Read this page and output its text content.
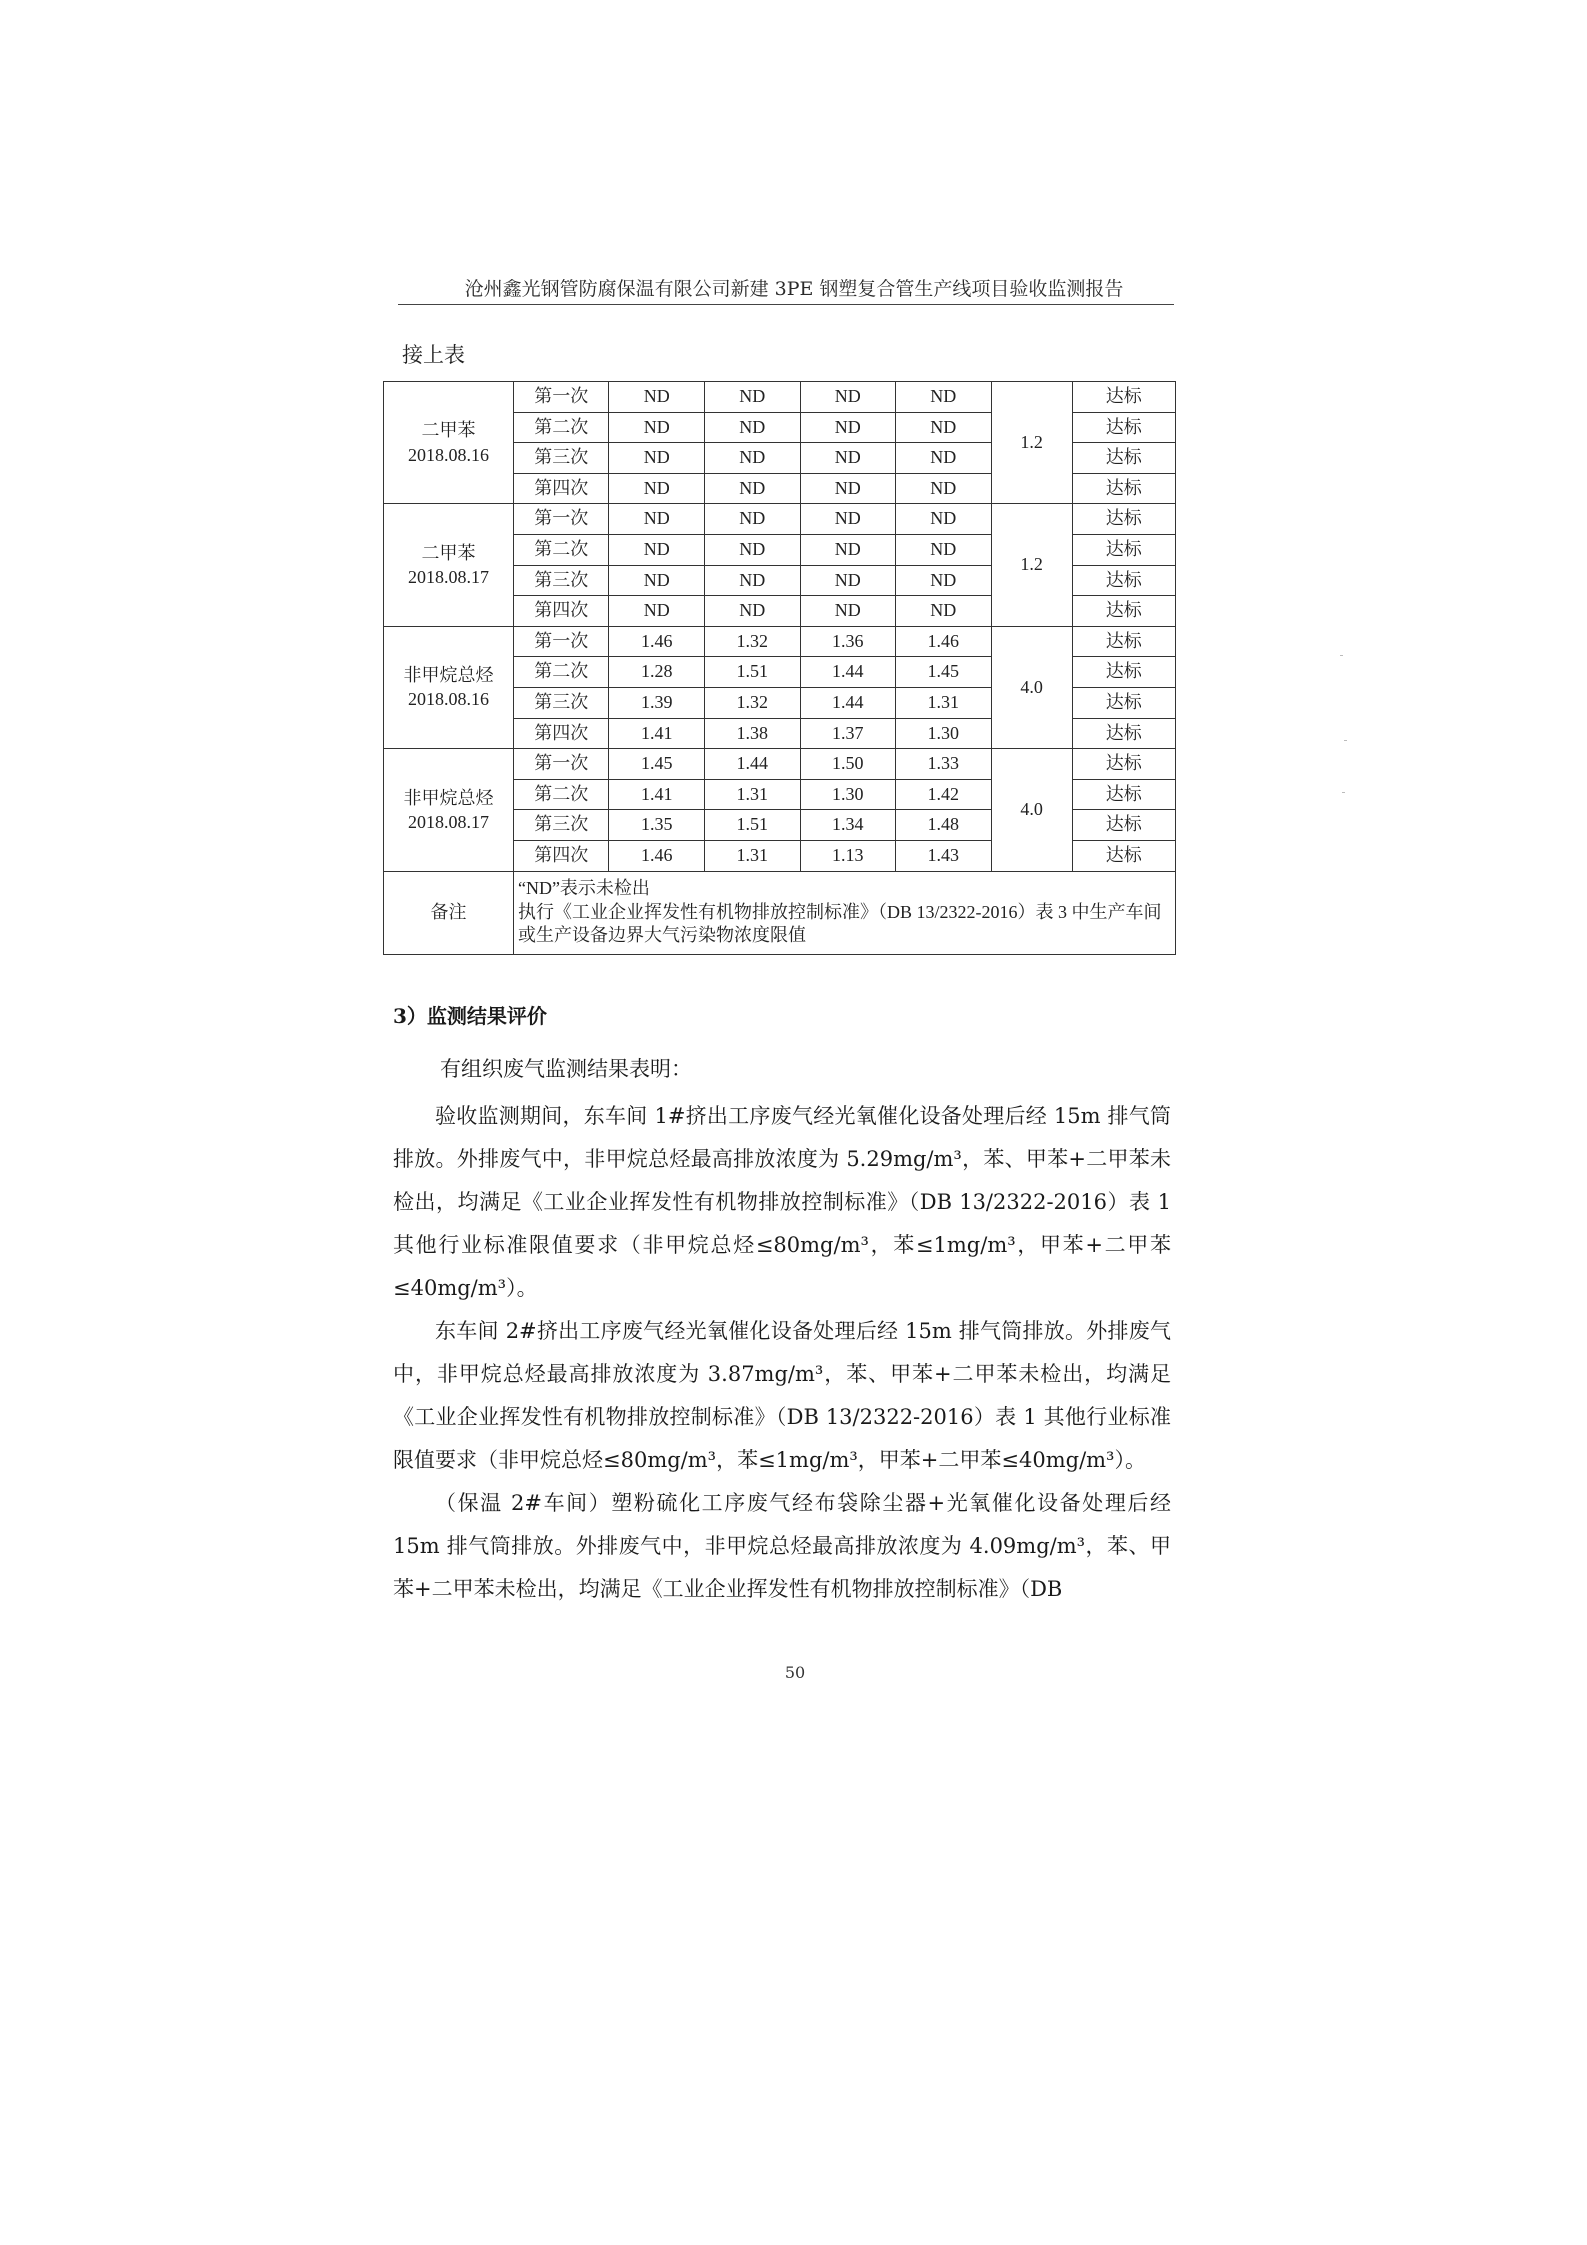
沧州鑫光钢管防腐保温有限公司新建 3PE 钢塑复合管生产线项目验收监测报告
接上表
二甲苯
2018.08.16	第一次	ND	ND	ND	ND	1.2	达标
	第二次	ND	ND	ND	ND		达标
	第三次	ND	ND	ND	ND		达标
	第四次	ND	ND	ND	ND		达标

二甲苯
2018.08.17	第一次	ND	ND	ND	ND	1.2	达标
	第二次	ND	ND	ND	ND		达标
	第三次	ND	ND	ND	ND		达标
	第四次	ND	ND	ND	ND		达标

非甲烷总烃
2018.08.16	第一次	1.46	1.32	1.36	1.46	4.0	达标
	第二次	1.28	1.51	1.44	1.45		达标
	第三次	1.39	1.32	1.44	1.31		达标
	第四次	1.41	1.38	1.37	1.30		达标

非甲烷总烃
2018.08.17	第一次	1.45	1.44	1.50	1.33	4.0	达标
	第二次	1.41	1.31	1.30	1.42		达标
	第三次	1.35	1.51	1.34	1.48		达标
	第四次	1.46	1.31	1.13	1.43		达标
备注	“ND”表示未检出
执行《工业企业挥发性有机物排放控制标准》（DB 13/2322-2016）表 3 中生产车间或生产设备边界大气污染物浓度限值						
3）监测结果评价
有组织废气监测结果表明：

验收监测期间，东车间 1#挤出工序废气经光氧催化设备处理后经 15m 排气筒排放。外排废气中，非甲烷总烃最高排放浓度为 5.29mg/m³，苯、甲苯+二甲苯未检出，均满足《工业企业挥发性有机物排放控制标准》（DB 13/2322-2016）表 1 其他行业标准限值要求（非甲烷总烃≤80mg/m³，苯≤1mg/m³，甲苯+二甲苯≤40mg/m³）。

东车间 2#挤出工序废气经光氧催化设备处理后经 15m 排气筒排放。外排废气中，非甲烷总烃最高排放浓度为 3.87mg/m³，苯、甲苯+二甲苯未检出，均满足《工业企业挥发性有机物排放控制标准》（DB 13/2322-2016）表 1 其他行业标准限值要求（非甲烷总烃≤80mg/m³，苯≤1mg/m³，甲苯+二甲苯≤40mg/m³）。

（保温 2#车间）塑粉硫化工序废气经布袋除尘器+光氧催化设备处理后经 15m 排气筒排放。外排废气中，非甲烷总烃最高排放浓度为 4.09mg/m³，苯、甲苯+二甲苯未检出，均满足《工业企业挥发性有机物排放控制标准》（DB

50
